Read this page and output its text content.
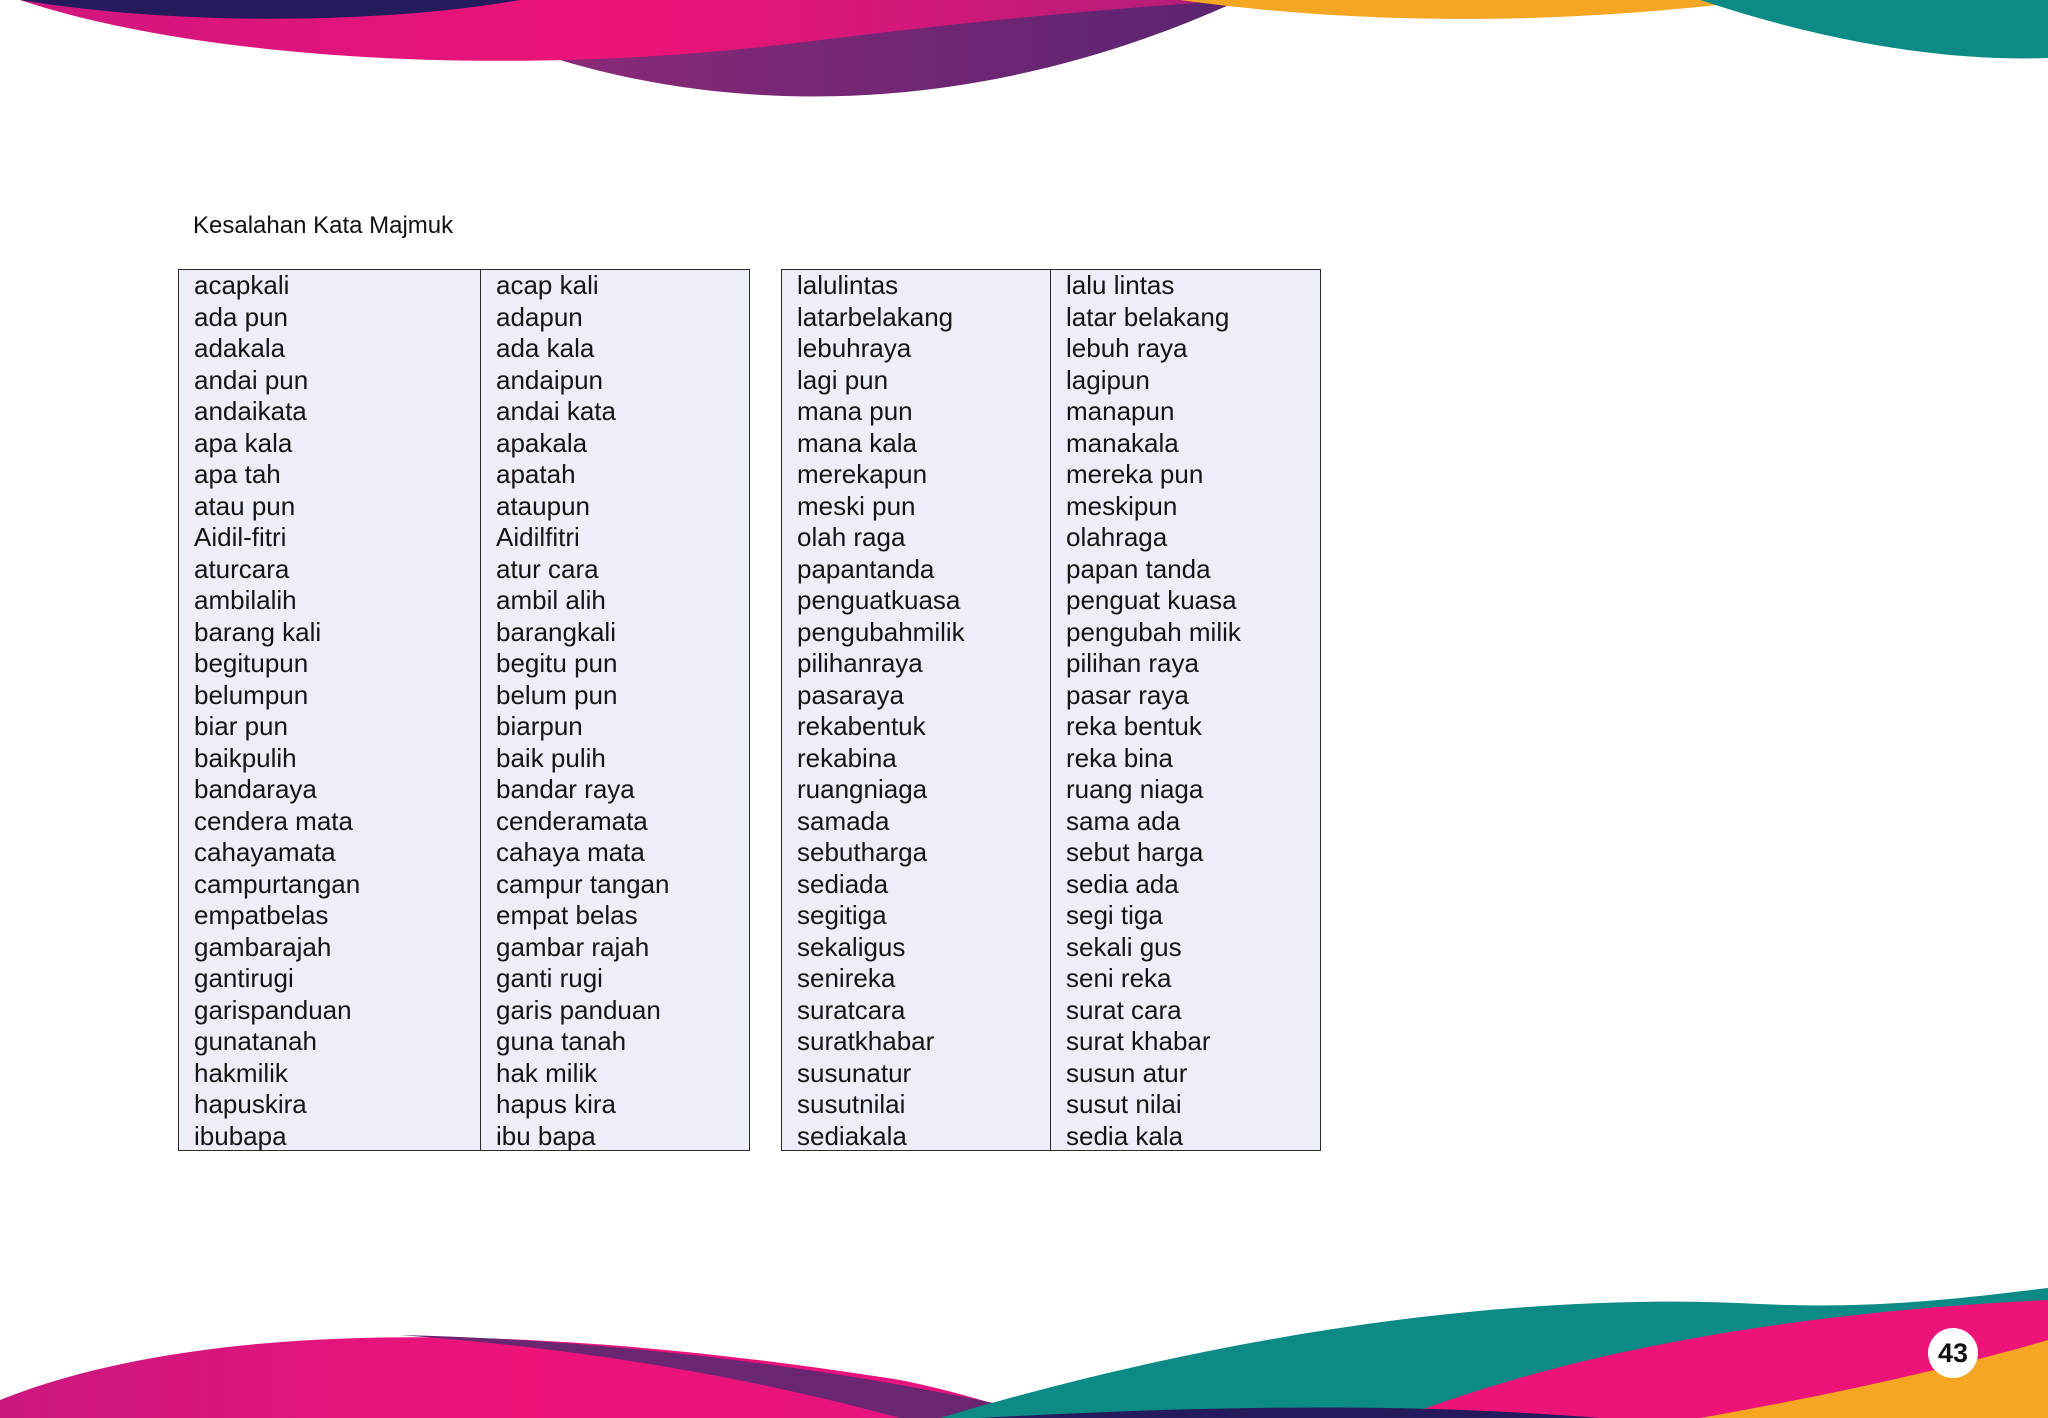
Kesalahan Kata Majmuk
acapkali
ada pun
adakala
andai pun
andaikata
apa kala
apa tah
atau pun
Aidil-fitri
aturcara
ambilalih
barang kali
begitupun
belumpun
biar pun
baikpulih
bandaraya
cendera mata
cahayamata
campurtangan
empatbelas
gambarajah
gantirugi
garispanduan
gunatanah
hakmilik
hapuskira
ibubapa
acap kali
adapun
ada kala
andaipun
andai kata
apakala
apatah
ataupun
Aidilfitri
atur cara
ambil alih
barangkali
begitu pun
belum pun
biarpun
baik pulih
bandar raya
cenderamata
cahaya mata
campur tangan
empat belas
gambar rajah
ganti rugi
garis panduan
guna tanah
hak milik
hapus kira
ibu bapa
lalulintas
latarbelakang
lebuhraya
lagi pun
mana pun
mana kala
merekapun
meski pun
olah raga
papantanda
penguatkuasa
pengubahmilik
pilihanraya
pasaraya
rekabentuk
rekabina
ruangniaga
samada
sebutharga
sediada
segitiga
sekaligus
senireka
suratcara
suratkhabar
susunatur
susutnilai
sediakala
lalu lintas
latar belakang
lebuh raya
lagipun
manapun
manakala
mereka pun
meskipun
olahraga
papan tanda
penguat kuasa
pengubah milik
pilihan raya
pasar raya
reka bentuk
reka bina
ruang niaga
sama ada
sebut harga
sedia ada
segi tiga
sekali gus
seni reka
surat cara
surat khabar
susun atur
susut nilai
sedia kala
43
